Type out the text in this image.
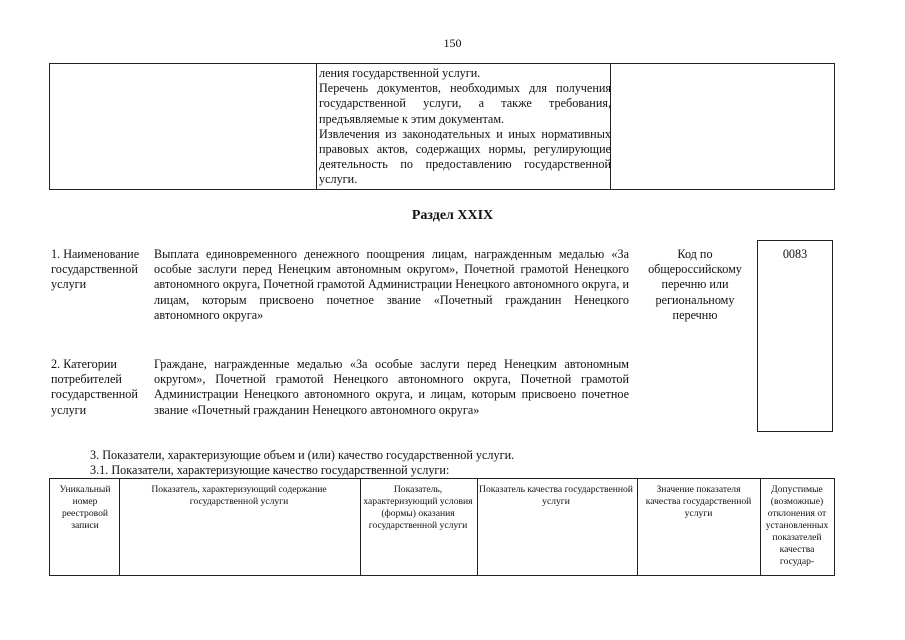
150

ления государственной услуги.

Перечень документов, необходимых для получения государственной услуги, а также требования, предъявляемые к этим документам.

Извлечения из законодательных и иных нормативных правовых актов, содержащих нормы, регулирующие деятельность по предоставлению государственной услуги.

Раздел XXIX
1. Наименование государственной услуги
Выплата единовременного денежного поощрения лицам, награжденным медалью «За особые заслуги перед Ненецким автономным округом», Почетной грамотой Ненецкого автономного округа, Почетной грамотой Администрации Ненецкого автономного округа, и лицам, которым присвоено почетное звание «Почетный гражданин Ненецкого автономного округа»
Код по общероссийскому перечню или региональному перечню
0083
2. Категории потребителей государственной услуги
Граждане, награжденные медалью «За особые заслуги перед Ненецким автономным округом», Почетной грамотой Ненецкого автономного округа, Почетной грамотой Администрации Ненецкого автономного округа, и лицам, которым присвоено почетное звание «Почетный гражданин Ненецкого автономного округа»
3. Показатели, характеризующие объем и (или) качество государственной услуги.
3.1. Показатели, характеризующие качество государственной услуги:
Уникальный номер реестровой записи
Показатель, характеризующий содержание государственной услуги
Показатель, характеризующий условия (формы) оказания государственной услуги
Показатель качества государственной услуги
Значение показателя качества государственной услуги
Допустимые (возможные) отклонения от установленных показателей качества государ-
